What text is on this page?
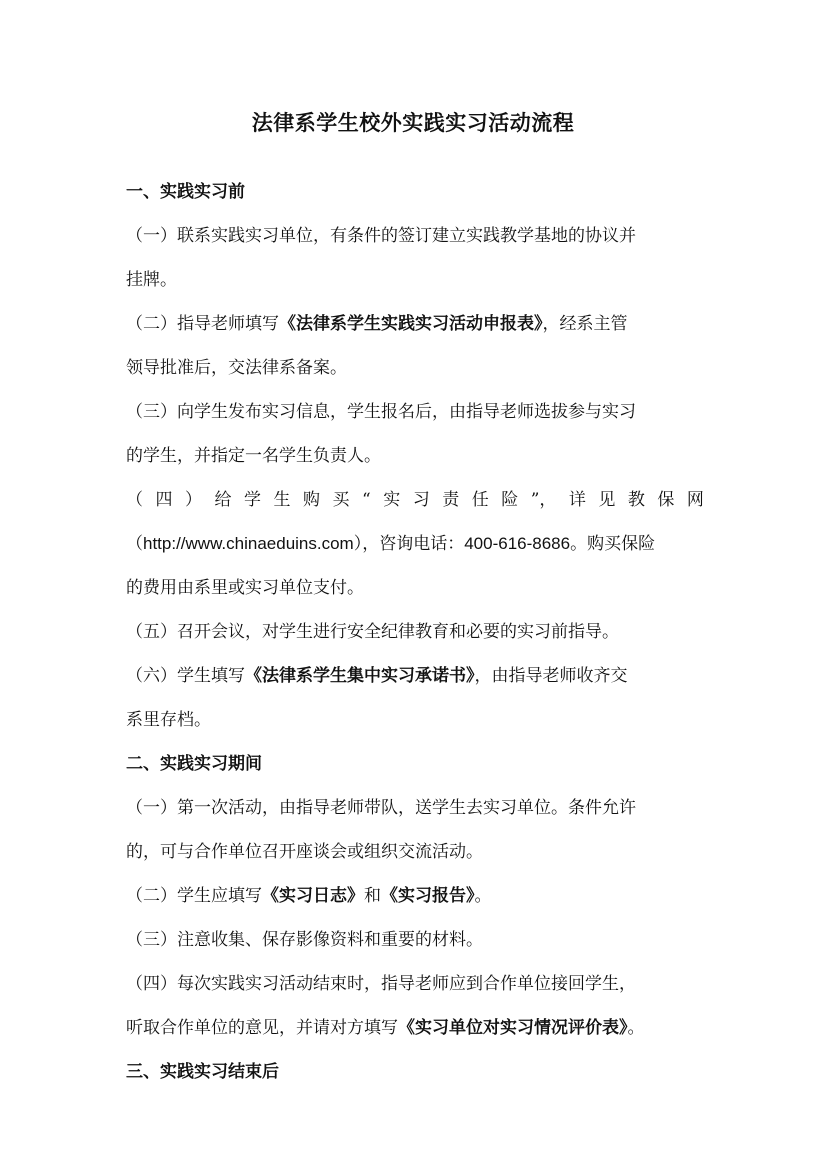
法律系学生校外实践实习活动流程
一、实践实习前

（一）联系实践实习单位，有条件的签订建立实践教学基地的协议并
挂牌。

（二）指导老师填写《法律系学生实践实习活动申报表》，经系主管
领导批准后，交法律系备案。

（三）向学生发布实习信息，学生报名后，由指导老师选拔参与实习
的学生，并指定一名学生负责人。

（ 四 ） 给 学 生 购 买 “ 实 习 责 任 险 ”， 详 见 教 保 网
（http://www.chinaeduins.com），咨询电话：400-616-8686。购买保险
的费用由系里或实习单位支付。

（五）召开会议，对学生进行安全纪律教育和必要的实习前指导。

（六）学生填写《法律系学生集中实习承诺书》，由指导老师收齐交
系里存档。

二、实践实习期间

（一）第一次活动，由指导老师带队，送学生去实习单位。条件允许
的，可与合作单位召开座谈会或组织交流活动。

（二）学生应填写《实习日志》和《实习报告》。

（三）注意收集、保存影像资料和重要的材料。

（四）每次实践实习活动结束时，指导老师应到合作单位接回学生，
听取合作单位的意见，并请对方填写《实习单位对实习情况评价表》。

三、实践实习结束后
